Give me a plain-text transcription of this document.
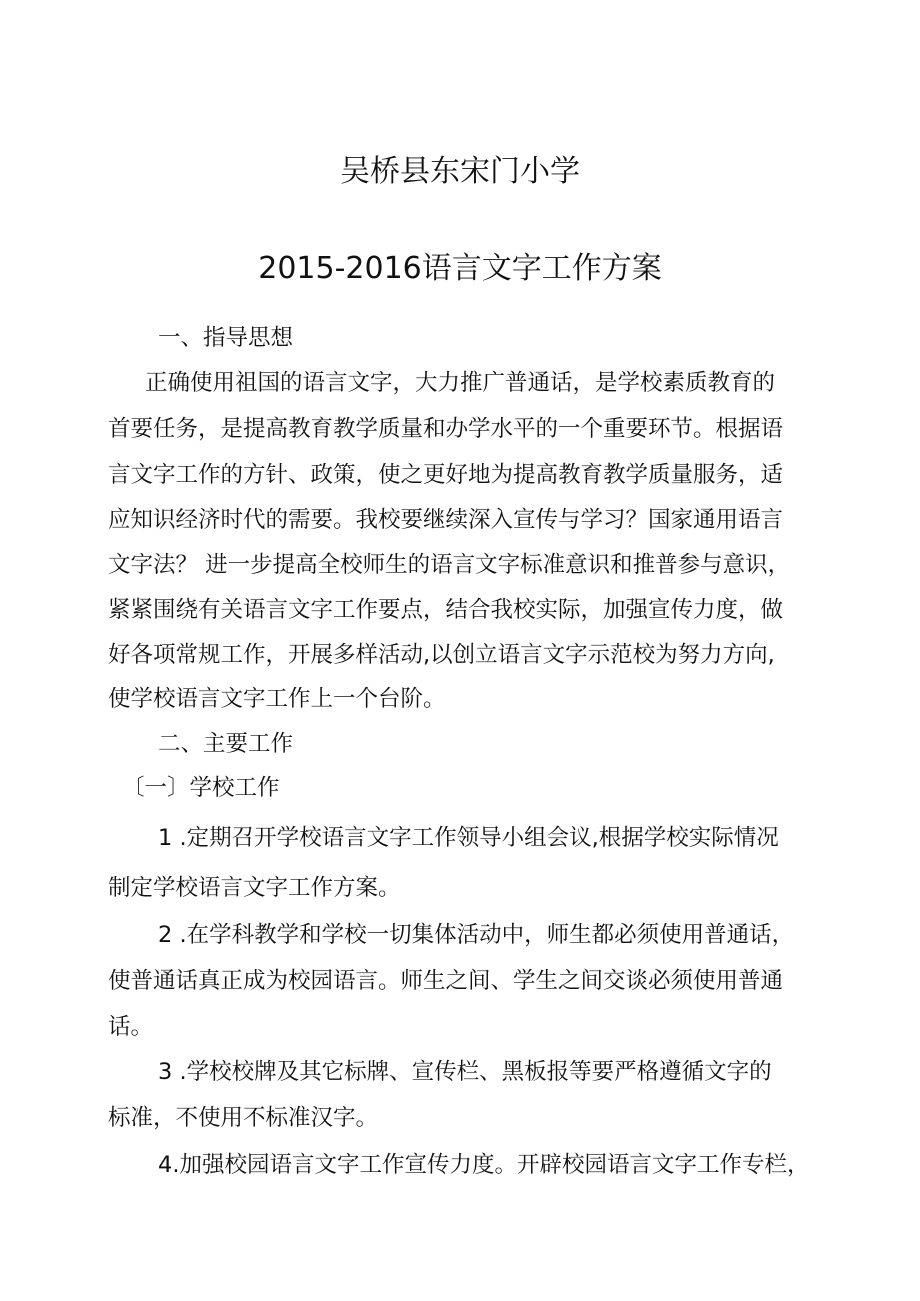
吴桥县东宋门小学
2015-2016语言文字工作方案
一、指导思想
正确使用祖国的语言文字，大力推广普通话，是学校素质教育的
首要任务，是提高教育教学质量和办学水平的一个重要环节。根据语
言文字工作的方针、政策，使之更好地为提高教育教学质量服务，适
应知识经济时代的需要。我校要继续深入宣传与学习？国家通用语言
文字法？ 进一步提高全校师生的语言文字标准意识和推普参与意识，
紧紧围绕有关语言文字工作要点，结合我校实际，加强宣传力度，做
好各项常规工作，开展多样活动,以创立语言文字示范校为努力方向,
使学校语言文字工作上一个台阶。
二、主要工作
〔一〕学校工作
1 .定期召开学校语言文字工作领导小组会议,根据学校实际情况
制定学校语言文字工作方案。
2 .在学科教学和学校一切集体活动中，师生都必须使用普通话，
使普通话真正成为校园语言。师生之间、学生之间交谈必须使用普通
话。
3 .学校校牌及其它标牌、宣传栏、黑板报等要严格遵循文字的
标准，不使用不标准汉字。
4.加强校园语言文字工作宣传力度。开辟校园语言文字工作专栏，
